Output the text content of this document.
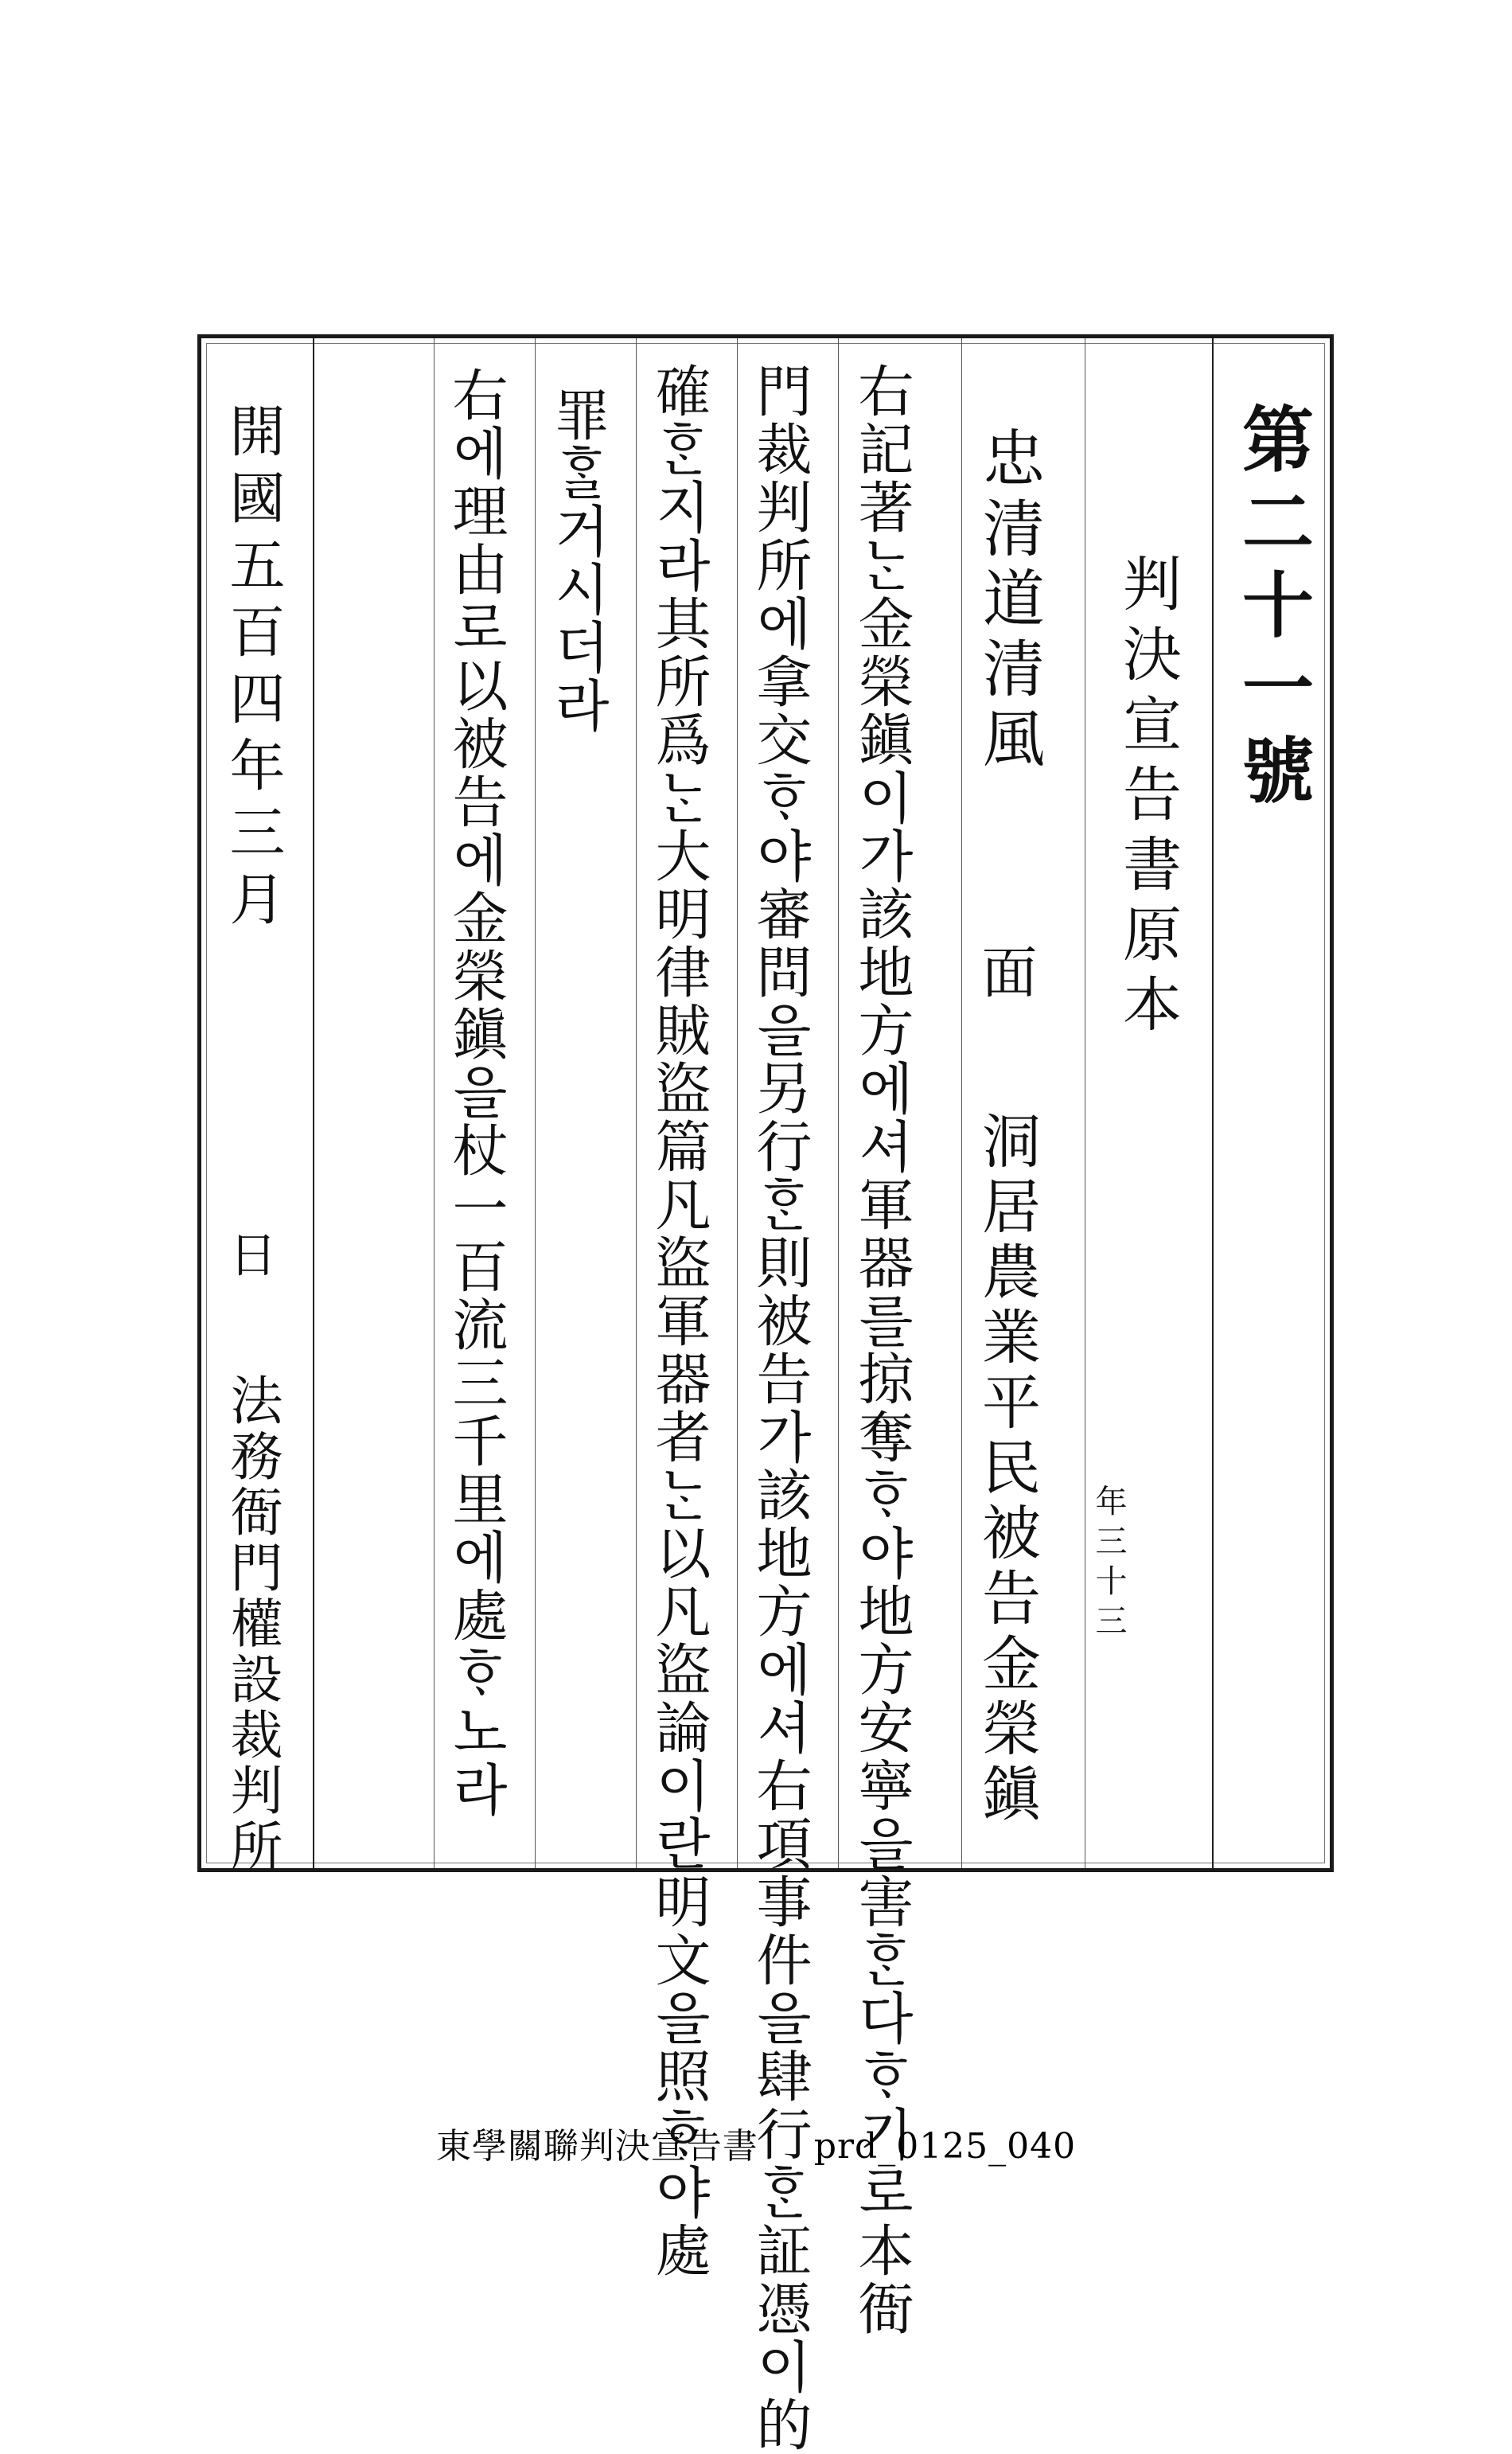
第二十一號
判決宣告書原本
忠清道清風
面
洞居農業平民被告金榮鎭 年三十三
右記著ᄂᆞᆫ金榮鎭이가該地方에셔軍器를掠奪ᄒᆞ야地方安寧을害ᄒᆞᆫ다ᄒᆞ기로本衙
門裁判所에拿交ᄒᆞ야審問을另行ᄒᆞᆫ則被告가該地方에셔右項事件을肆行ᄒᆞᆫ証憑이的
確ᄒᆞᆫ지라其所爲ᄂᆞᆫ大明律賊盜篇凡盜軍器者ᄂᆞᆫ以凡盜論이란明文을照ᄒᆞ야處
罪ᄒᆞᆯ거시더라
右에理由로以被告에金榮鎭을杖一百流三千里에處ᄒᆞ노라
開國五百四年三月
日
法務衙門權設裁判所
東學關聯判決宣告書 prd_0125_040
